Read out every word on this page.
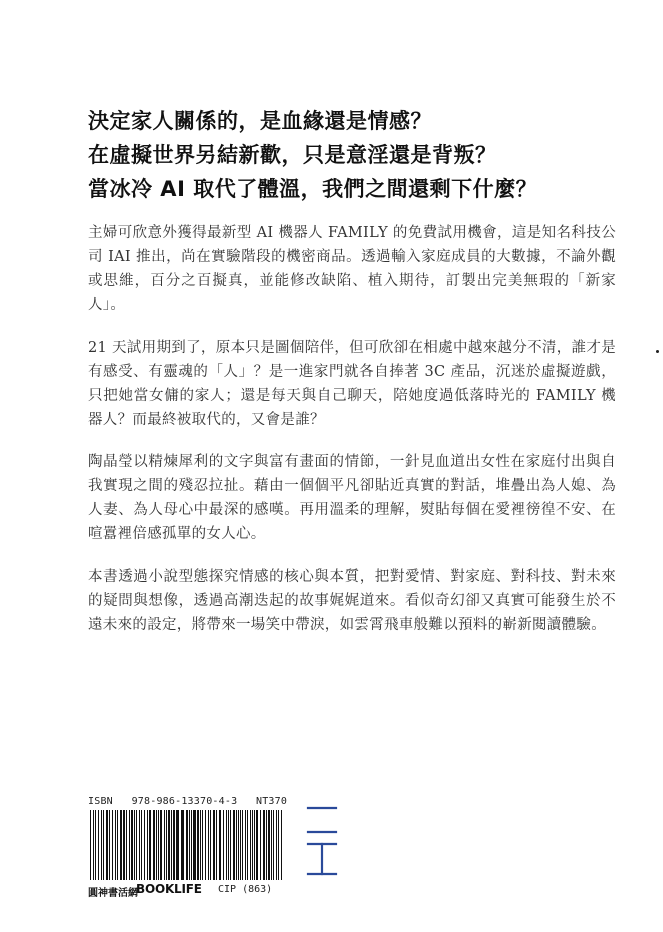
決定家人關係的，是血緣還是情感？
在虛擬世界另結新歡，只是意淫還是背叛？
當冰冷 AI 取代了體溫，我們之間還剩下什麼？

主婦可欣意外獲得最新型 AI 機器人 FAMILY 的免費試用機會，這是知名科技公司 IAI 推出，尚在實驗階段的機密商品。透過輸入家庭成員的大數據，不論外觀或思維，百分之百擬真，並能修改缺陷、植入期待，訂製出完美無瑕的「新家人」。

21 天試用期到了，原本只是圖個陪伴，但可欣卻在相處中越來越分不清，誰才是有感受、有靈魂的「人」？是一進家門就各自捧著 3C 產品，沉迷於虛擬遊戲，只把她當女傭的家人；還是每天與自己聊天，陪她度過低落時光的 FAMILY 機器人？而最終被取代的，又會是誰？

陶晶瑩以精煉犀利的文字與富有畫面的情節，一針見血道出女性在家庭付出與自我實現之間的殘忍拉扯。藉由一個個平凡卻貼近真實的對話，堆疊出為人媳、為人妻、為人母心中最深的感嘆。再用溫柔的理解，熨貼每個在愛裡徬徨不安、在喧囂裡倍感孤單的女人心。

本書透過小說型態探究情感的核心與本質，把對愛情、對家庭、對科技、對未來的疑問與想像，透過高潮迭起的故事娓娓道來。看似奇幻卻又真實可能發生於不遠未來的設定，將帶來一場笑中帶淚，如雲霄飛車般難以預料的嶄新閱讀體驗。

ISBN 978-986-13370-4-3 NT370
圓神書活網
BOOKLIFE CIP (863)
